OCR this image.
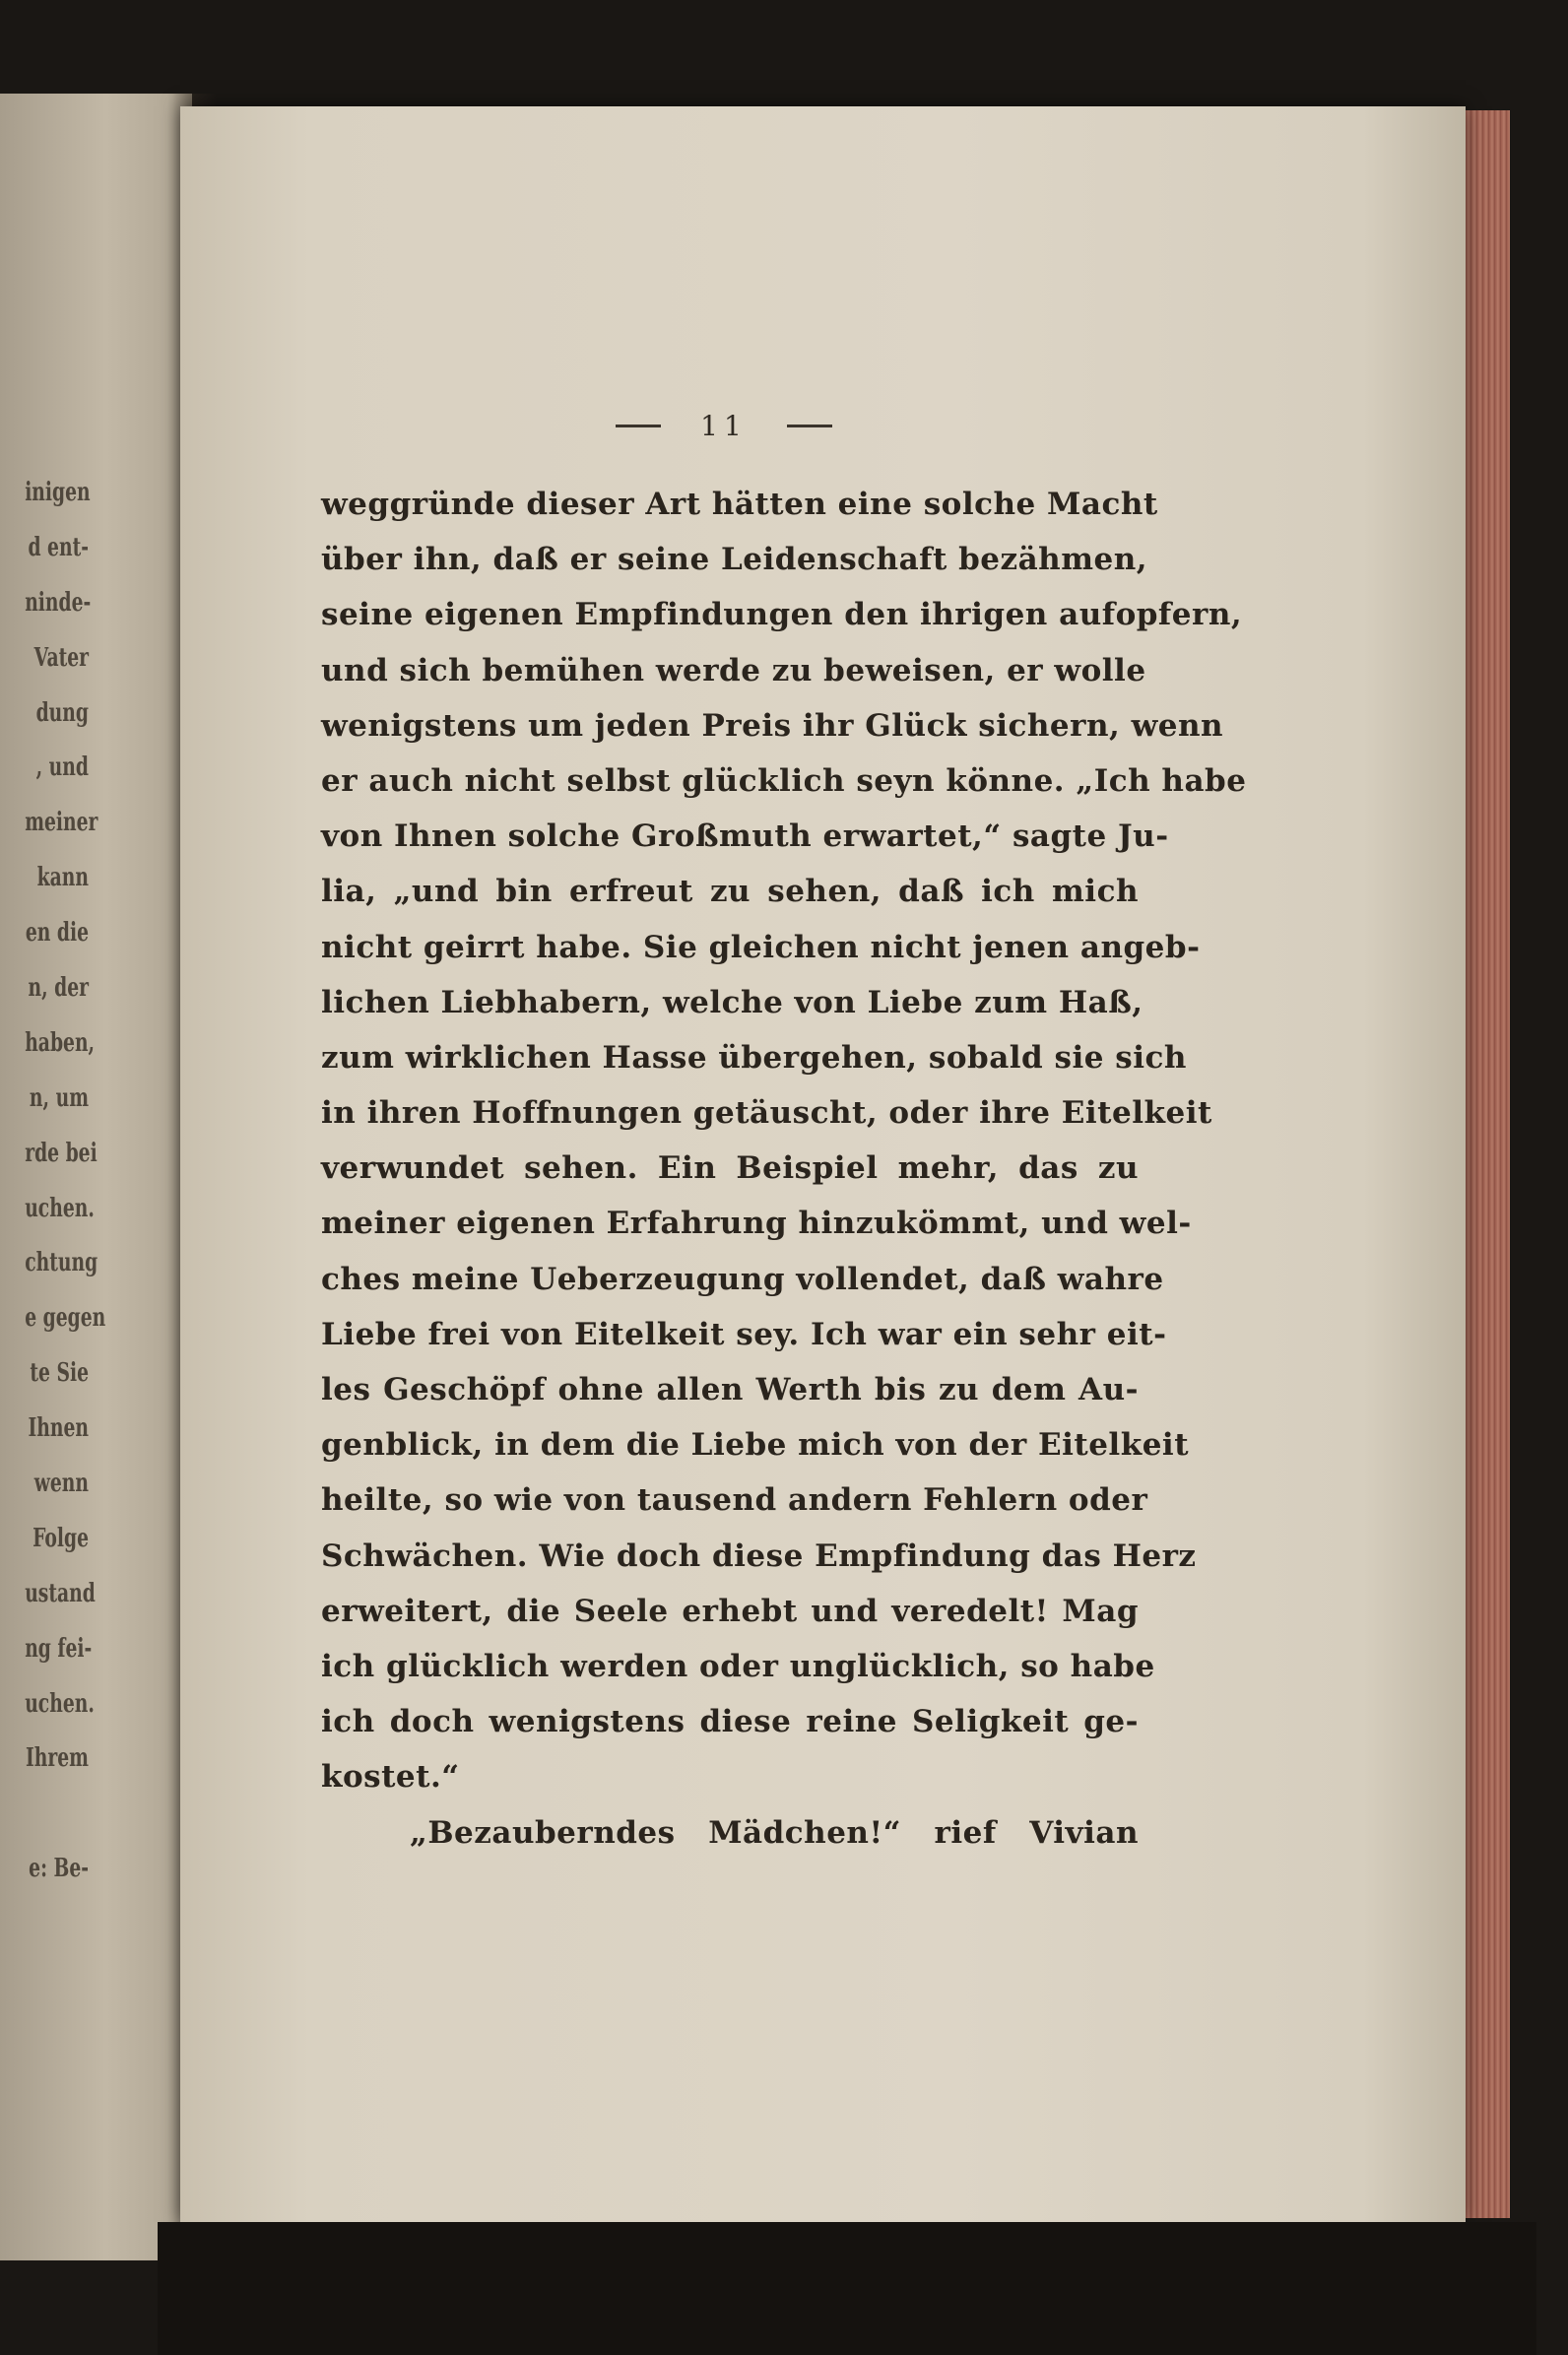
inigen
d ent-
ninde-
Vater
dung
, und
meiner
kann
en die
n, der
haben,
n, um
rde bei
uchen.
chtung
e gegen
te Sie
Ihnen
wenn
Folge
ustand
ng fei-
uchen.
Ihrem
e: Be-
11
weggründe dieser Art hätten eine solche Macht
über ihn, daß er seine Leidenschaft bezähmen,
seine eigenen Empfindungen den ihrigen aufopfern,
und sich bemühen werde zu beweisen, er wolle
wenigstens um jeden Preis ihr Glück sichern, wenn
er auch nicht selbst glücklich seyn könne. „Ich habe
von Ihnen solche Großmuth erwartet,“ sagte Ju-
lia, „und bin erfreut zu sehen, daß ich mich
nicht geirrt habe. Sie gleichen nicht jenen angeb-
lichen Liebhabern, welche von Liebe zum Haß,
zum wirklichen Hasse übergehen, sobald sie sich
in ihren Hoffnungen getäuscht, oder ihre Eitelkeit
verwundet sehen. Ein Beispiel mehr, das zu
meiner eigenen Erfahrung hinzukömmt, und wel-
ches meine Ueberzeugung vollendet, daß wahre
Liebe frei von Eitelkeit sey. Ich war ein sehr eit-
les Geschöpf ohne allen Werth bis zu dem Au-
genblick, in dem die Liebe mich von der Eitelkeit
heilte, so wie von tausend andern Fehlern oder
Schwächen. Wie doch diese Empfindung das Herz
erweitert, die Seele erhebt und veredelt! Mag
ich glücklich werden oder unglücklich, so habe
ich doch wenigstens diese reine Seligkeit ge-
kostet.“
„Bezauberndes Mädchen!“ rief Vivian
